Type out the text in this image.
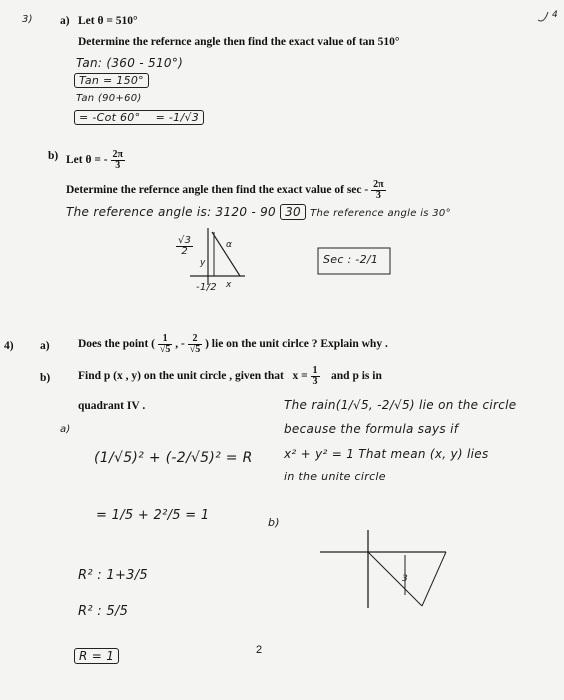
3)	4
a) Let θ = 510°
Determine the refernce angle then find the exact value of tan 510°
Tan: (360 - 510°)
Tan = 150°
Tan (90+60)
= -Cot 60° = -1/√3
b) Let θ = - $\frac{2\pi}{3}$
Determine the refernce angle then find the exact value of sec - $\frac{2\pi}{3}$
The reference angle is: 3120 - 90 30 The reference angle is 30°
$\frac{√3}{2}$
y
α
x
-1/2
Sec : -2/1
4) a) Does the point ( $\frac{1}{√5}$ , - $\frac{2}{√5}$ ) lie on the unit cirlce ? Explain why .
b) Find p (x , y) on the unit circle , given that $x = \frac{1}{3}$ and p is in
quadrant IV .	The rain(1/√5, -2/√5) lie on the circle
because the formula says if
x² + y² = 1 That mean (x, y) lies
in the unite circle
a)
(1/√5)² + (-2/√5)² = R
= 1/5 + 2²/5 = 1
R² : 1+3/5
R² : 5/5
R = 1
b)
3
2
